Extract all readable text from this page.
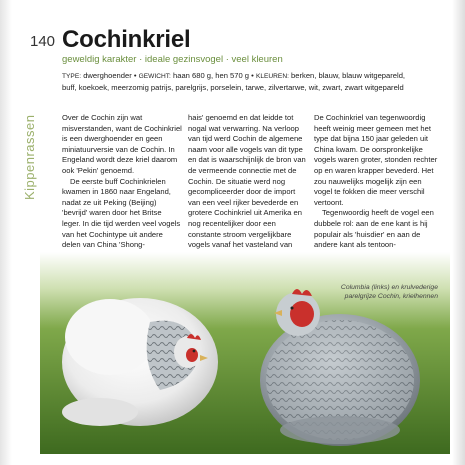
140 Cochinkriel
geweldig karakter · ideale gezinsvogel · veel kleuren
TYPE: dwerghoender • GEWICHT: haan 680 g, hen 570 g • KLEUREN: berken, blauw, blauw witgepareld, buff, koekoek, meerzomig patrijs, parelgrijs, porselein, tarwe, zilvertarwe, wit, zwart, zwart witgepareld
Kippenrassen	Over de Cochin zijn wat misverstanden, want de Cochinkriel is een dwerghoender en geen miniatuurversie van de Cochin. In Engeland wordt deze kriel daarom ook 'Pekin' genoemd.

De eerste buff Cochinkrielen kwamen in 1860 naar Engeland, nadat ze uit Peking (Beijing) 'bevrijd' waren door het Britse leger. In die tijd werden veel vogels van het Cochintype uit andere delen van China 'Shong-

hais' genoemd en dat leidde tot nogal wat verwarring. Na verloop van tijd werd Cochin de algemene naam voor alle vogels van dit type en dat is waarschijnlijk de bron van de vermeende connectie met de Cochin. De situatie werd nog gecompliceerder door de import van een veel rijker bevederde en grotere Cochinkriel uit Amerika en nog recentelijker door een constante stroom vergelijkbare vogels vanaf het vasteland van

De Cochinkriel van tegenwoordig heeft weinig meer gemeen met het type dat bijna 150 jaar geleden uit China kwam. De oorspronkelijke vogels waren groter, stonden rechter op en waren krapper bevederd. Het zou nauwelijks mogelijk zijn een vogel te fokken die meer verschil vertoont.

Tegenwoordig heeft de vogel een dubbele rol: aan de ene kant is hij populair als 'huisdier' en aan de andere kant als tentoon-

Columbia (links) en krulvederige parelgrijze Cochin, krielhennen
